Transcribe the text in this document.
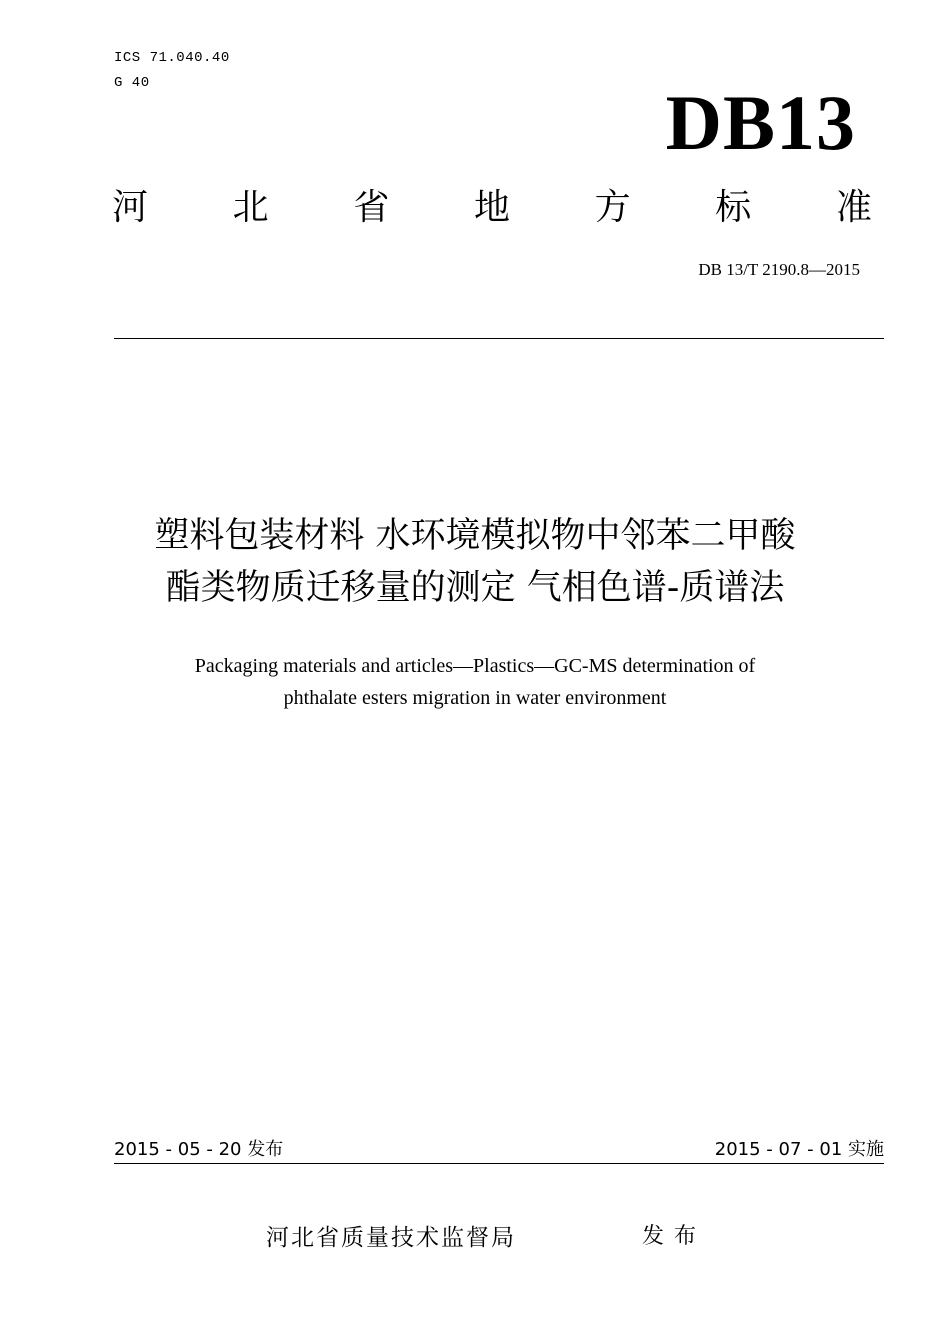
ICS 71.040.40
G 40	DB13
河 北 省 地 方 标 准
DB 13/T 2190.8—2015
塑料包装材料 水环境模拟物中邻苯二甲酸
酯类物质迁移量的测定 气相色谱-质谱法
Packaging materials and articles—Plastics—GC-MS determination of
phthalate esters migration in water environment
2015 - 05 - 20 发布	2015 - 07 - 01 实施
河北省质量技术监督局	发布
